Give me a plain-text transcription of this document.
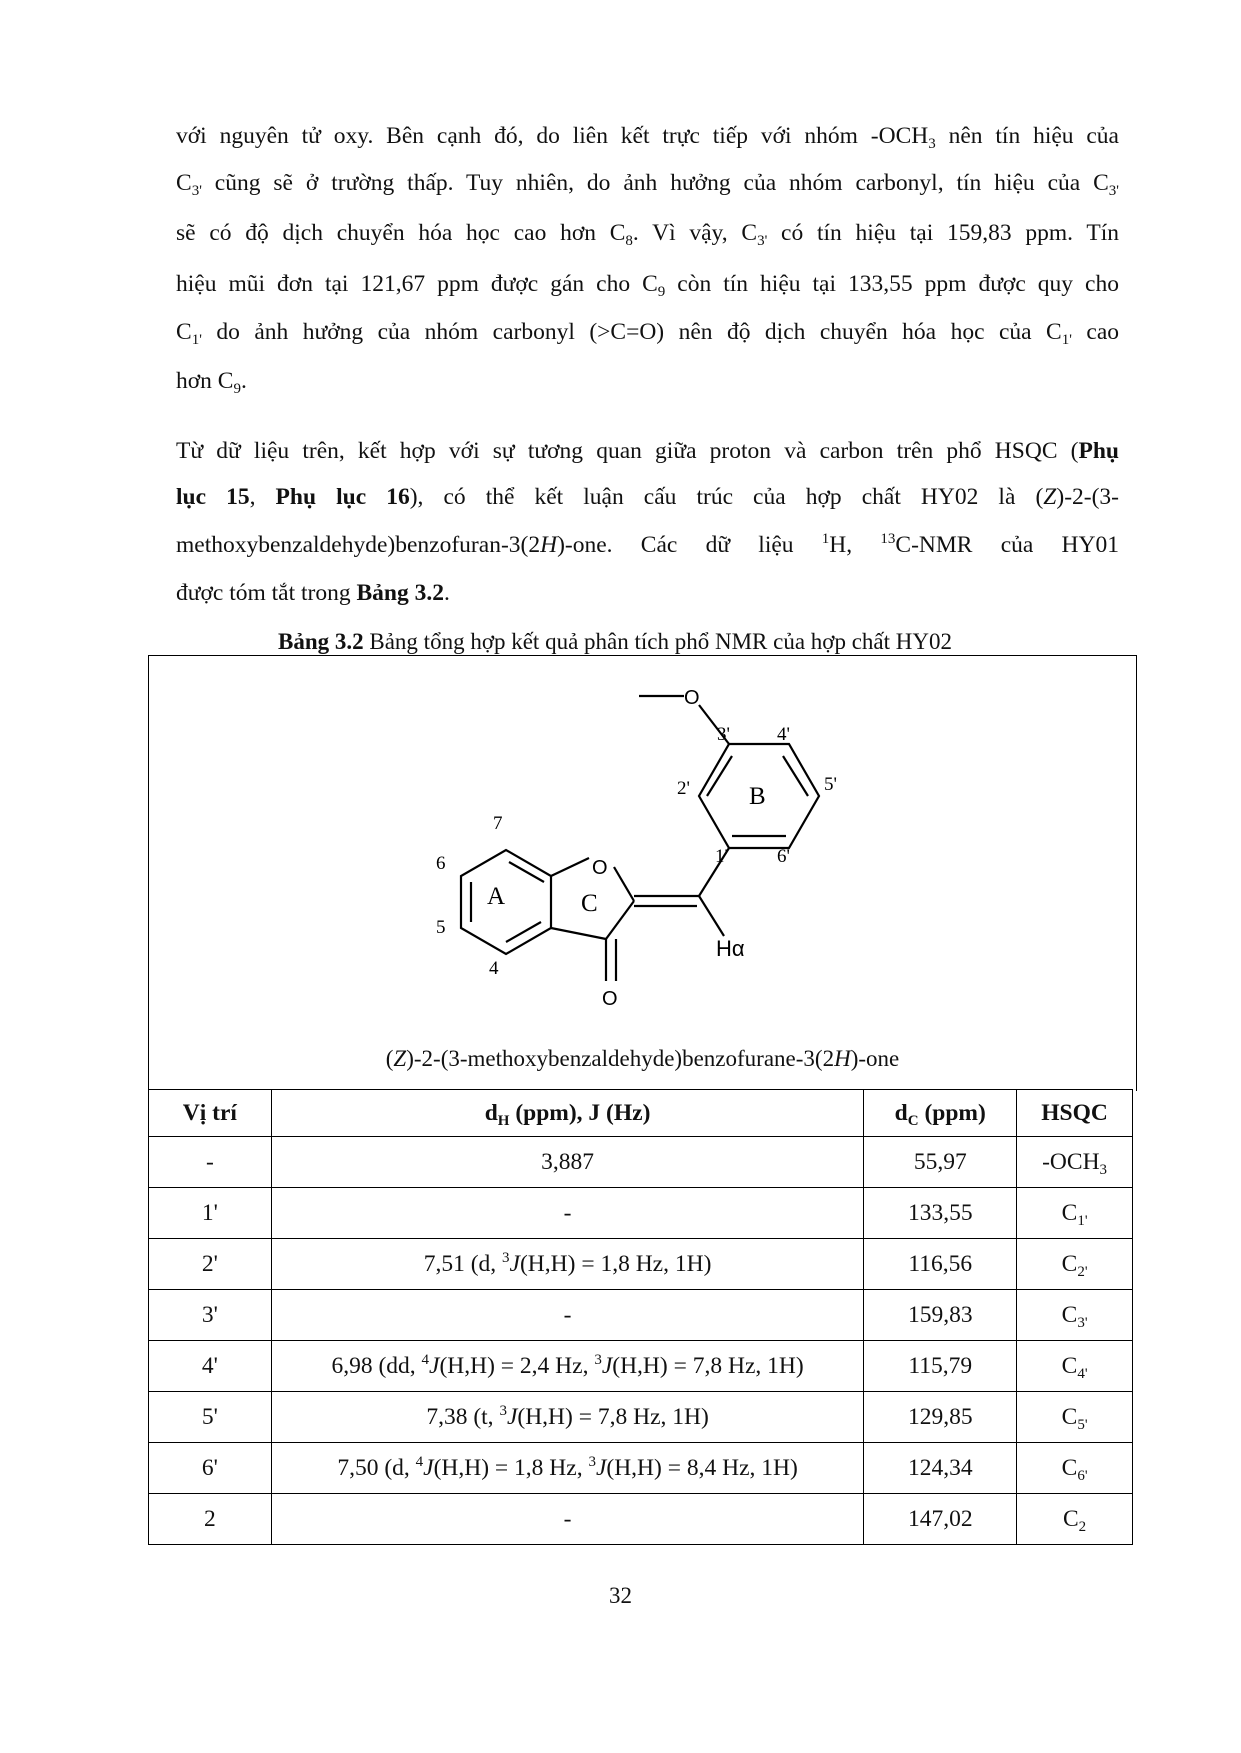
với nguyên tử oxy. Bên cạnh đó, do liên kết trực tiếp với nhóm $-OCH_3$ nên tín hiệu của
$C_{3'}$ cũng sẽ ở trường thấp. Tuy nhiên, do ảnh hưởng của nhóm carbonyl, tín hiệu của $C_{3'}$
sẽ có độ dịch chuyển hóa học cao hơn $C_8$. Vì vậy, $C_{3'}$ có tín hiệu tại 159,83 ppm. Tín
hiệu mũi đơn tại 121,67 ppm được gán cho $C_9$ còn tín hiệu tại 133,55 ppm được quy cho
$C_{1'}$ do ảnh hưởng của nhóm carbonyl (>C=O) nên độ dịch chuyển hóa học của $C_{1'}$ cao
hơn $C_9$.
Từ dữ liệu trên, kết hợp với sự tương quan giữa proton và carbon trên phổ HSQC (Phụ
lục 15, Phụ lục 16), có thể kết luận cấu trúc của hợp chất HY02 là (Z)-2-(3-
methoxybenzaldehyde)benzofuran-3(2H)-one. Các dữ liệu $^1$H, $^{13}$C-NMR của HY01
được tóm tắt trong Bảng 3.2.
Bảng 3.2 Bảng tổng hợp kết quả phân tích phổ NMR của hợp chất HY02
O
O
O
Hα
3' 4'
5'
6'
1'
2'
7
6
5
4
A
B
C
(Z)-2-(3-methoxybenzaldehyde)benzofurane-3(2H)-one
Vị trí	$d_H$ (ppm), J (Hz)	$d_C$ (ppm)	HSQC
-	3,887	55,97	$-OCH_3$
1'	-	133,55	$C_{1'}$
2'	7,51 (d, $^3$J(H,H) = 1,8 Hz, 1H)	116,56	$C_{2'}$
3'	-	159,83	$C_{3'}$
4'	6,98 (dd, $^4$J(H,H) = 2,4 Hz, $^3$J(H,H) = 7,8 Hz, 1H)	115,79	$C_{4'}$
5'	7,38 (t, $^3$J(H,H) = 7,8 Hz, 1H)	129,85	$C_{5'}$
6'	7,50 (d, $^4$J(H,H) = 1,8 Hz, $^3$J(H,H) = 8,4 Hz, 1H)	124,34	$C_{6'}$
2	-	147,02	$C_2$
32
